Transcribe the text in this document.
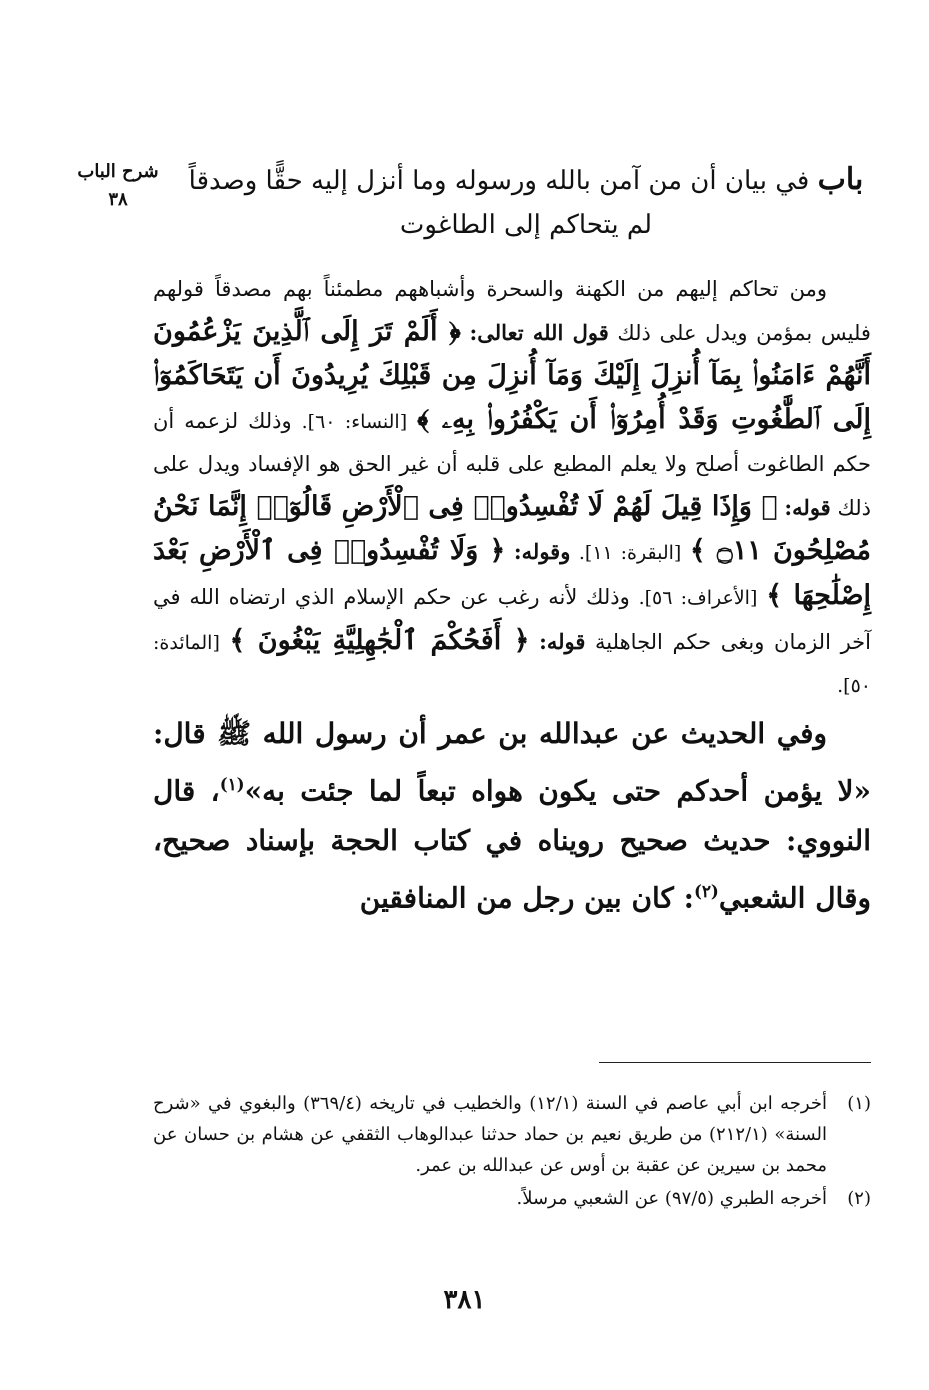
شرح الباب
٣٨
باب في بيان أن من آمن بالله ورسوله وما أنزل إليه حقًّا وصدقاً لم يتحاكم إلى الطاغوت

ومن تحاكم إليهم من الكهنة والسحرة وأشباههم مطمئناً بهم مصدقاً قولهم فليس بمؤمن ويدل على ذلك قول الله تعالى: ﴿ أَلَمْ تَرَ إِلَى ٱلَّذِينَ يَزْعُمُونَ أَنَّهُمْ ءَامَنُوا۟ بِمَآ أُنزِلَ إِلَيْكَ وَمَآ أُنزِلَ مِن قَبْلِكَ يُرِيدُونَ أَن يَتَحَاكَمُوٓا۟ إِلَى ٱلطَّٰغُوتِ وَقَدْ أُمِرُوٓا۟ أَن يَكْفُرُوا۟ بِهِۦ ﴾ [النساء: ٦٠]. وذلك لزعمه أن حكم الطاغوت أصلح ولا يعلم المطبع على قلبه أن غير الحق هو الإفساد ويدل على ذلك قوله: ﴿ وَإِذَا قِيلَ لَهُمْ لَا تُفْسِدُوا۟ فِى ٱلْأَرْضِ قَالُوٓا۟ إِنَّمَا نَحْنُ مُصْلِحُونَ ۝١١ ﴾ [البقرة: ١١]. وقوله: ﴿ وَلَا تُفْسِدُوا۟ فِى ٱلْأَرْضِ بَعْدَ إِصْلَٰحِهَا ﴾ [الأعراف: ٥٦]. وذلك لأنه رغب عن حكم الإسلام الذي ارتضاه الله في آخر الزمان وبغى حكم الجاهلية قوله: ﴿ أَفَحُكْمَ ٱلْجَٰهِلِيَّةِ يَبْغُونَ ﴾ [المائدة: ٥٠].

وفي الحديث عن عبدالله بن عمر أن رسول الله ﷺ قال: «لا يؤمن أحدكم حتى يكون هواه تبعاً لما جئت به»$^{(١)}$، قال النووي: حديث صحيح رويناه في كتاب الحجة بإسناد صحيح، وقال الشعبي$^{(٢)}$: كان بين رجل من المنافقين

(١)
أخرجه ابن أبي عاصم في السنة (١٢/١) والخطيب في تاريخه (٣٦٩/٤) والبغوي في «شرح السنة» (٢١٢/١) من طريق نعيم بن حماد حدثنا عبدالوهاب الثقفي عن هشام بن حسان عن محمد بن سيرين عن عقبة بن أوس عن عبدالله بن عمر.
(٢)
أخرجه الطبري (٩٧/٥) عن الشعبي مرسلاً.
٣٨١
